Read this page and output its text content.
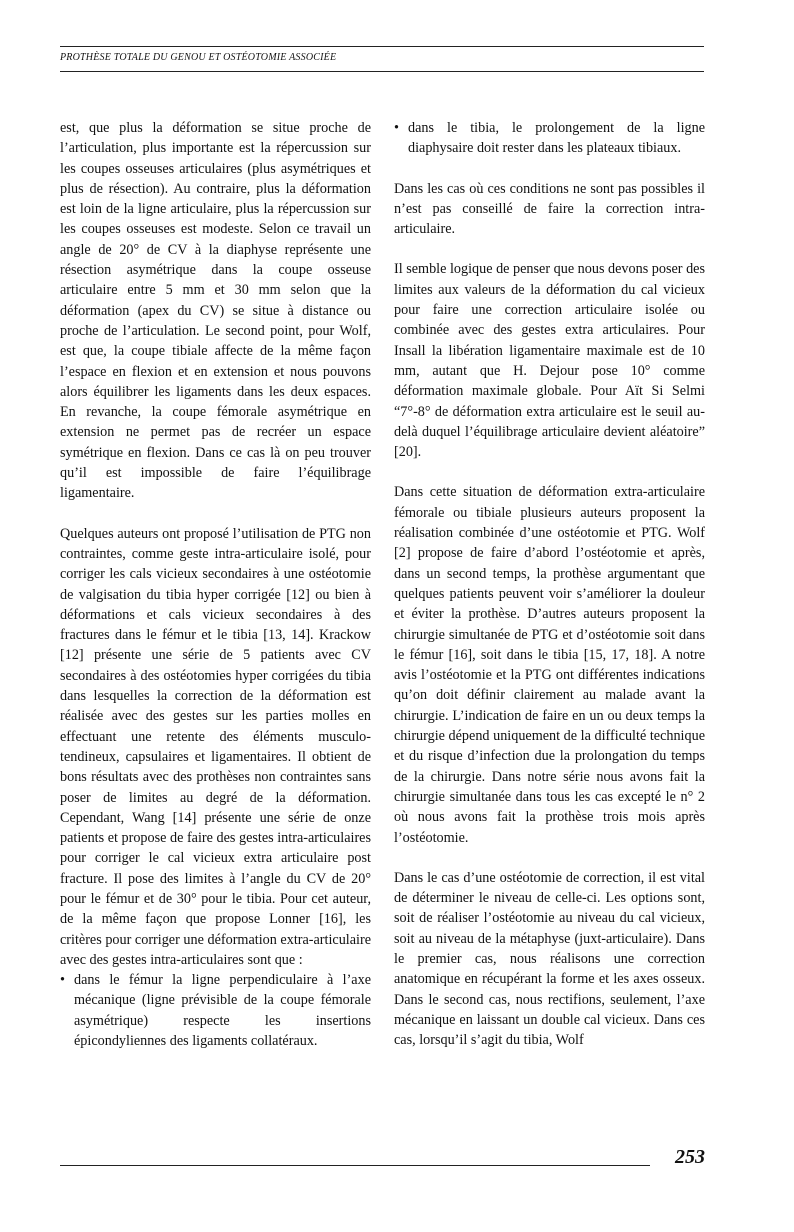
PROTHÈSE TOTALE DU GENOU ET OSTÉOTOMIE ASSOCIÉE

est, que plus la déformation se situe proche de l’articulation, plus importante est la répercussion sur les coupes osseuses articulaires (plus asymétriques et plus de résection). Au contraire, plus la déformation est loin de la ligne articulaire, plus la répercussion sur les coupes osseuses est modeste. Selon ce travail un angle de 20° de CV à la diaphyse représente une résection asymétrique dans la coupe osseuse articulaire entre 5 mm et 30 mm selon que la déformation (apex du CV) se situe à distance ou proche de l’articulation. Le second point, pour Wolf, est que, la coupe tibiale affecte de la même façon l’espace en flexion et en extension et nous pouvons alors équilibrer les ligaments dans les deux espaces. En revanche, la coupe fémorale asymétrique en extension ne permet pas de recréer un espace symétrique en flexion. Dans ce cas là on peu trouver qu’il est impossible de faire l’équilibrage ligamentaire.

Quelques auteurs ont proposé l’utilisation de PTG non contraintes, comme geste intra-articulaire isolé, pour corriger les cals vicieux secondaires à une ostéotomie de valgisation du tibia hyper corrigée [12] ou bien à déformations et cals vicieux secondaires à des fractures dans le fémur et le tibia [13, 14]. Krackow [12] présente une série de 5 patients avec CV secondaires à des ostéotomies hyper corrigées du tibia dans lesquelles la correction de la déformation est réalisée avec des gestes sur les parties molles en effectuant une retente des éléments musculo-tendineux, capsulaires et ligamentaires. Il obtient de bons résultats avec des prothèses non contraintes sans poser de limites au degré de la déformation. Cependant, Wang [14] présente une série de onze patients et propose de faire des gestes intra-articulaires pour corriger le cal vicieux extra articulaire post fracture. Il pose des limites à l’angle du CV de 20° pour le fémur et de 30° pour le tibia. Pour cet auteur, de la même façon que propose Lonner [16], les critères pour corriger une déformation extra-articulaire avec des gestes intra-articulaires sont que :

• dans le fémur la ligne perpendiculaire à l’axe mécanique (ligne prévisible de la coupe fémorale asymétrique) respecte les insertions épicondyliennes des ligaments collatéraux.
• dans le tibia, le prolongement de la ligne diaphysaire doit rester dans les plateaux tibiaux.

Dans les cas où ces conditions ne sont pas possibles il n’est pas conseillé de faire la correction intra-articulaire.

Il semble logique de penser que nous devons poser des limites aux valeurs de la déformation du cal vicieux pour faire une correction articulaire isolée ou combinée avec des gestes extra articulaires. Pour Insall la libération ligamentaire maximale est de 10 mm, autant que H. Dejour pose 10° comme déformation maximale globale. Pour Aït Si Selmi “7°-8° de déformation extra articulaire est le seuil au-delà duquel l’équilibrage articulaire devient aléatoire” [20].

Dans cette situation de déformation extra-articulaire fémorale ou tibiale plusieurs auteurs proposent la réalisation combinée d’une ostéotomie et PTG. Wolf [2] propose de faire d’abord l’ostéotomie et après, dans un second temps, la prothèse argumentant que quelques patients peuvent voir s’améliorer la douleur et éviter la prothèse. D’autres auteurs proposent la chirurgie simultanée de PTG et d’ostéotomie soit dans le fémur [16], soit dans le tibia [15, 17, 18]. A notre avis l’ostéotomie et la PTG ont différentes indications qu’on doit définir clairement au malade avant la chirurgie. L’indication de faire en un ou deux temps la chirurgie dépend uniquement de la difficulté technique et du risque d’infection due la prolongation du temps de la chirurgie. Dans notre série nous avons fait la chirurgie simultanée dans tous les cas excepté le n° 2 où nous avons fait la prothèse trois mois après l’ostéotomie.

Dans le cas d’une ostéotomie de correction, il est vital de déterminer le niveau de celle-ci. Les options sont, soit de réaliser l’ostéotomie au niveau du cal vicieux, soit au niveau de la métaphyse (juxt-articulaire). Dans le premier cas, nous réalisons une correction anatomique en récupérant la forme et les axes osseux. Dans le second cas, nous rectifions, seulement, l’axe mécanique en laissant un double cal vicieux. Dans ces cas, lorsqu’il s’agit du tibia, Wolf

253
